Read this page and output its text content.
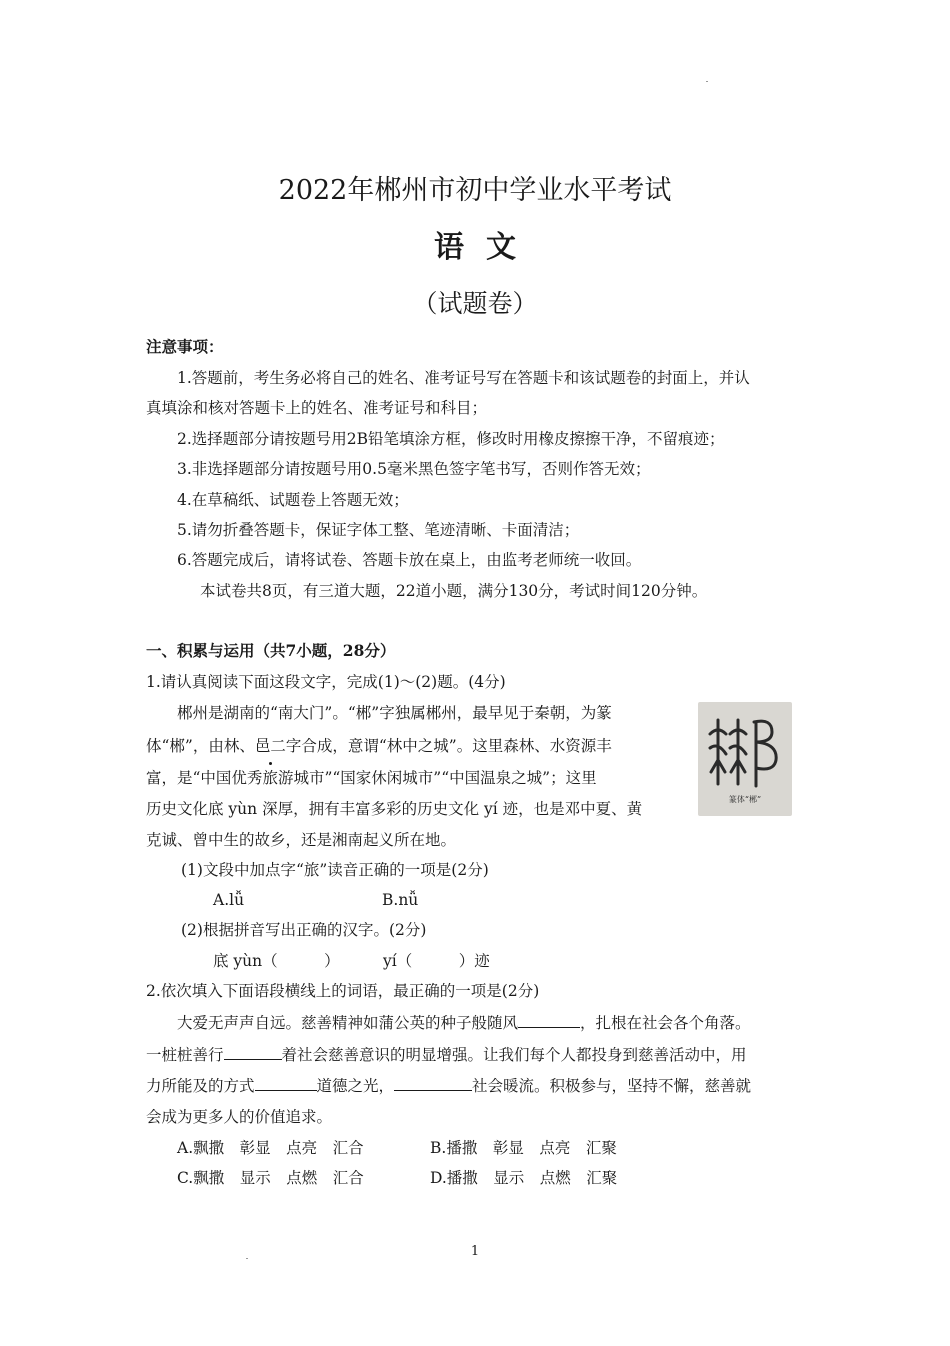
2022年郴州市初中学业水平考试
语文
（试题卷）
注意事项：
1.答题前，考生务必将自己的姓名、准考证号写在答题卡和该试题卷的封面上，并认
真填涂和核对答题卡上的姓名、准考证号和科目；
2.选择题部分请按题号用2B铅笔填涂方框，修改时用橡皮擦擦干净，不留痕迹；
3.非选择题部分请按题号用0.5毫米黑色签字笔书写，否则作答无效；
4.在草稿纸、试题卷上答题无效；
5.请勿折叠答题卡，保证字体工整、笔迹清晰、卡面清洁；
6.答题完成后，请将试卷、答题卡放在桌上，由监考老师统一收回。
本试卷共8页，有三道大题，22道小题，满分130分，考试时间120分钟。
一、积累与运用（共7小题，28分）
1.请认真阅读下面这段文字，完成(1)～(2)题。(4分)
郴州是湖南的“南大门”。“郴”字独属郴州，最早见于秦朝，为篆
体“郴”，由林、邑二字合成，意谓“林中之城”。这里森林、水资源丰
富，是“中国优秀旅游城市”“国家休闲城市”“中国温泉之城”；这里
历史文化底 yùn 深厚，拥有丰富多彩的历史文化 yí 迹，也是邓中夏、黄
克诚、曾中生的故乡，还是湘南起义所在地。
篆体“郴”
(1)文段中加点字“旅”读音正确的一项是(2分)
A.lǚ	B.nǚ
(2)根据拼音写出正确的汉字。(2分)
底 yùn（　　　）	yí（　　　）迹
2.依次填入下面语段横线上的词语，最正确的一项是(2分)
大爱无声声自远。慈善精神如蒲公英的种子般随风	，扎根在社会各个角落。
一桩桩善行	着社会慈善意识的明显增强。让我们每个人都投身到慈善活动中，用
力所能及的方式	道德之光，	社会暖流。积极参与，坚持不懈，慈善就
会成为更多人的价值追求。
A.飘撒　彰显　点亮　汇合	B.播撒　彰显　点亮　汇聚
C.飘撒　显示　点燃　汇合	D.播撒　显示　点燃　汇聚
1
